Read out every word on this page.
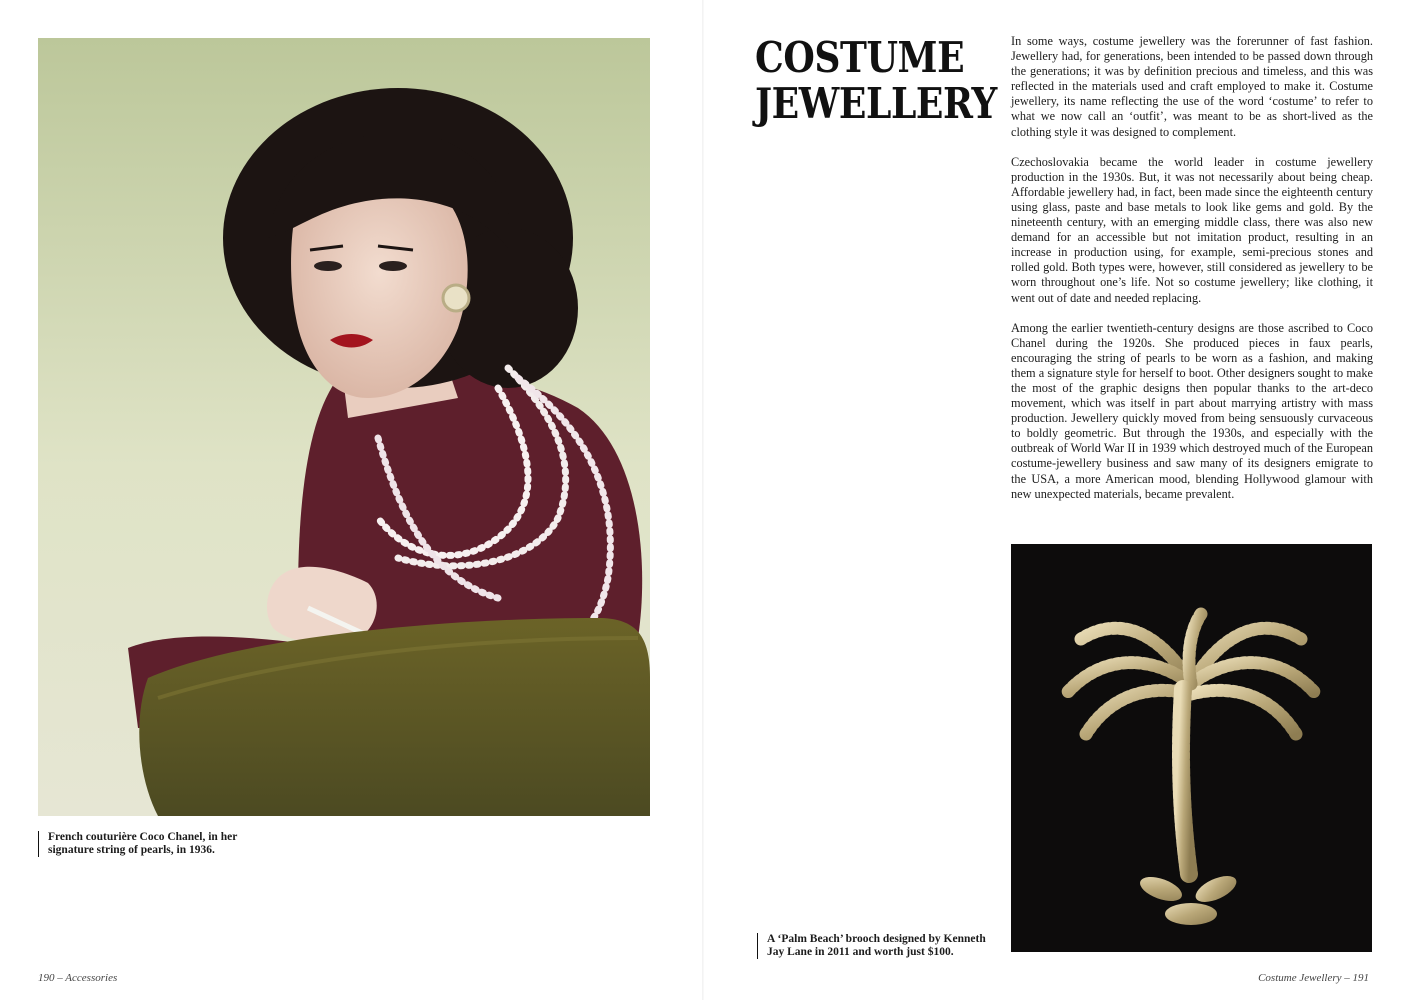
French couturière Coco Chanel, in her signature string of pearls, in 1936.
190 – Accessories
COSTUME
JEWELLERY

In some ways, costume jewellery was the forerunner of fast fashion. Jewellery had, for generations, been intended to be passed down through the generations; it was by definition precious and timeless, and this was reflected in the materials used and craft employed to make it. Costume jewellery, its name reflecting the use of the word ‘costume’ to refer to what we now call an ‘outfit’, was meant to be as short-lived as the clothing style it was designed to complement.

Czechoslovakia became the world leader in costume jewellery production in the 1930s. But, it was not necessarily about being cheap. Affordable jewellery had, in fact, been made since the eighteenth century using glass, paste and base metals to look like gems and gold. By the nineteenth century, with an emerging middle class, there was also new demand for an accessible but not imitation product, resulting in an increase in production using, for example, semi-precious stones and rolled gold. Both types were, however, still considered as jewellery to be worn throughout one’s life. Not so costume jewellery; like clothing, it went out of date and needed replacing.

Among the earlier twentieth-century designs are those ascribed to Coco Chanel during the 1920s. She produced pieces in faux pearls, encouraging the string of pearls to be worn as a fashion, and making them a signature style for herself to boot. Other designers sought to make the most of the graphic designs then popular thanks to the art-deco movement, which was itself in part about marrying artistry with mass production. Jewellery quickly moved from being sensuously curvaceous to boldly geometric. But through the 1930s, and especially with the outbreak of World War II in 1939 which destroyed much of the European costume-jewellery business and saw many of its designers emigrate to the USA, a more American mood, blending Hollywood glamour with new unexpected materials, became prevalent.

A ‘Palm Beach’ brooch designed by Kenneth Jay Lane in 2011 and worth just $100.
Costume Jewellery – 191
